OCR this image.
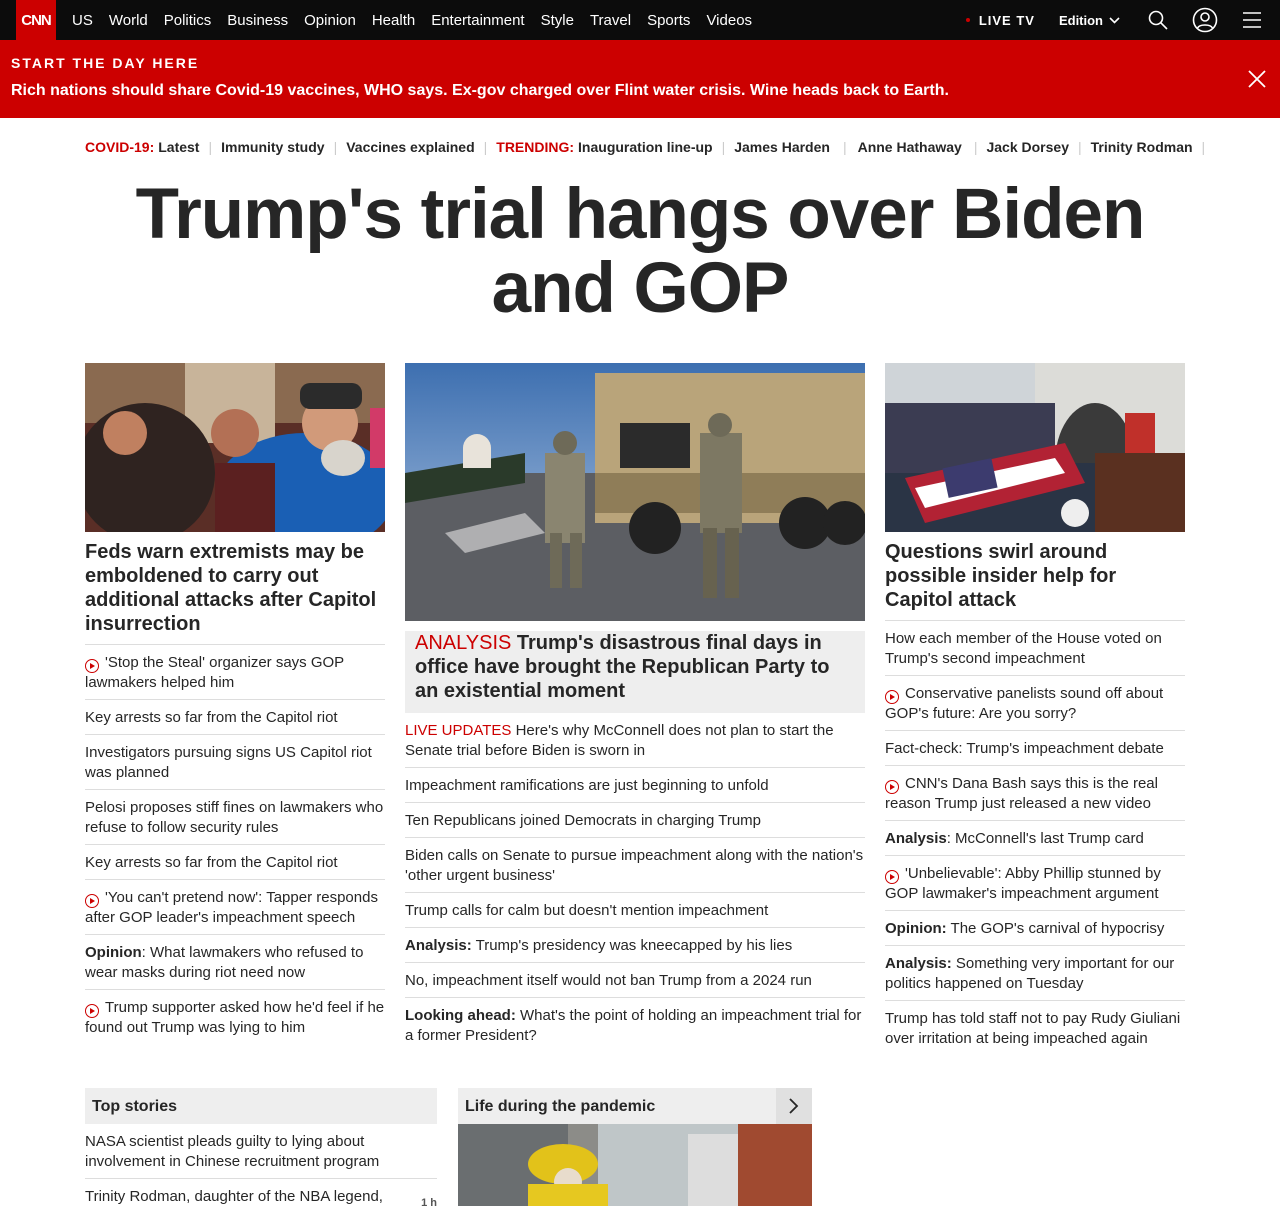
CNN	US World Politics Business Opinion Health Entertainment Style Travel Sports Videos	LIVE TV Edition
START THE DAY HERE
Rich nations should share Covid-19 vaccines, WHO says. Ex-gov charged over Flint water crisis. Wine heads back to Earth.
COVID-19: Latest | Immunity study | Vaccines explained | TRENDING: Inauguration line-up | James Harden | Anne Hathaway | Jack Dorsey | Trinity Rodman |
Trump's trial hangs over Biden and GOP
Feds warn extremists may be emboldened to carry out additional attacks after Capitol insurrection
'Stop the Steal' organizer says GOP lawmakers helped him
Key arrests so far from the Capitol riot
Investigators pursuing signs US Capitol riot was planned
Pelosi proposes stiff fines on lawmakers who refuse to follow security rules
Key arrests so far from the Capitol riot
'You can't pretend now': Tapper responds after GOP leader's impeachment speech
Opinion: What lawmakers who refused to wear masks during riot need now
Trump supporter asked how he'd feel if he found out Trump was lying to him
ANALYSIS Trump's disastrous final days in office have brought the Republican Party to an existential moment
LIVE UPDATES Here's why McConnell does not plan to start the Senate trial before Biden is sworn in
Impeachment ramifications are just beginning to unfold
Ten Republicans joined Democrats in charging Trump
Biden calls on Senate to pursue impeachment along with the nation's 'other urgent business'
Trump calls for calm but doesn't mention impeachment
Analysis: Trump's presidency was kneecapped by his lies
No, impeachment itself would not ban Trump from a 2024 run
Looking ahead: What's the point of holding an impeachment trial for a former President?
Questions swirl around possible insider help for Capitol attack
How each member of the House voted on Trump's second impeachment
Conservative panelists sound off about GOP's future: Are you sorry?
Fact-check: Trump's impeachment debate
CNN's Dana Bash says this is the real reason Trump just released a new video
Analysis: McConnell's last Trump card
'Unbelievable': Abby Phillip stunned by GOP lawmaker's impeachment argument
Opinion: The GOP's carnival of hypocrisy
Analysis: Something very important for our politics happened on Tuesday
Trump has told staff not to pay Rudy Giuliani over irritation at being impeached again
Top stories
NASA scientist pleads guilty to lying about involvement in Chinese recruitment program
Trinity Rodman, daughter of the NBA legend,	1 h
Life during the pandemic
